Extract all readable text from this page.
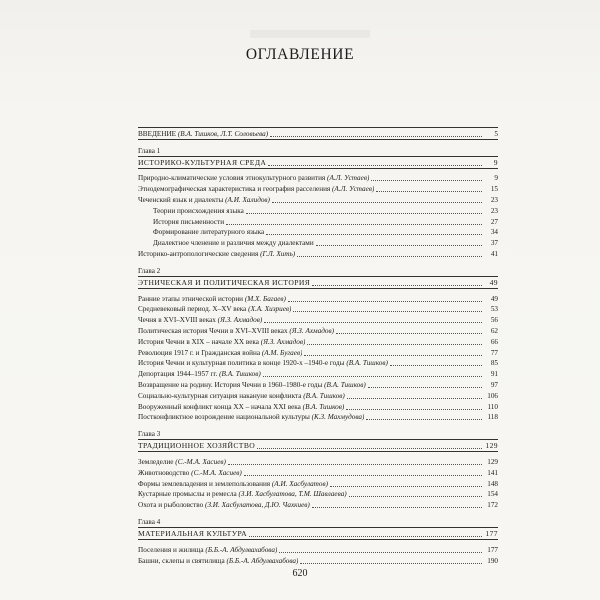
ОГЛАВЛЕНИЕ
ВВЕДЕНИЕ (В.А. Тишков, Л.Т. Соловьева)	5
Глава 1
ИСТОРИКО-КУЛЬТУРНАЯ СРЕДА	9
Природно-климатические условия этнокультурного развития (А.Л. Устаев)	9
Этнодемографическая характеристика и география расселения (А.Л. Устаев)	15
Чеченский язык и диалекты (А.И. Халидов)	23
Теории происхождения языка	23
История письменности	27
Формирование литературного языка	34
Диалектное членение и различия между диалектами	37
Историко-антропологические сведения (Г.Л. Хить)	41
Глава 2
ЭТНИЧЕСКАЯ И ПОЛИТИЧЕСКАЯ ИСТОРИЯ	49
Ранние этапы этнической истории (М.Х. Багаев)	49
Средневековый период. X–XV века (Х.А. Хизриев)	53
Чечня в XVI–XVIII веках (Я.З. Ахмадов)	56
Политическая история Чечни в XVI–XVIII веках (Я.З. Ахмадов)	62
История Чечни в XIX – начале XX века (Я.З. Ахмадов)	66
Революция 1917 г. и Гражданская война (А.М. Бугаев)	77
История Чечни и культурная политика в конце 1920-х –1940-е годы (В.А. Тишков)	85
Депортация 1944–1957 гг. (В.А. Тишков)	91
Возвращение на родину. История Чечни в 1960–1980-е годы (В.А. Тишков)	97
Социально-культурная ситуация накануне конфликта (В.А. Тишков)	106
Вооруженный конфликт конца XX – начала XXI века (В.А. Тишков)	110
Постконфликтное возрождение национальной культуры (К.З. Махмудова)	118
Глава 3
ТРАДИЦИОННОЕ ХОЗЯЙСТВО	129
Земледелие (С.-М.А. Хасиев)	129
Животноводство (С.-М.А. Хасиев)	141
Формы землевладения и землепользования (А.И. Хасбулатов)	148
Кустарные промыслы и ремесла (З.И. Хасбулатова, Т.М. Шавлаева)	154
Охота и рыболовство (З.И. Хасбулатова, Д.Ю. Чахкиев)	172
Глава 4
МАТЕРИАЛЬНАЯ КУЛЬТУРА	177
Поселения и жилища (Б.Б.-А. Абдулвахабова)	177
Башни, склепы и святилища (Б.Б.-А. Абдулвахабова)	190
620
